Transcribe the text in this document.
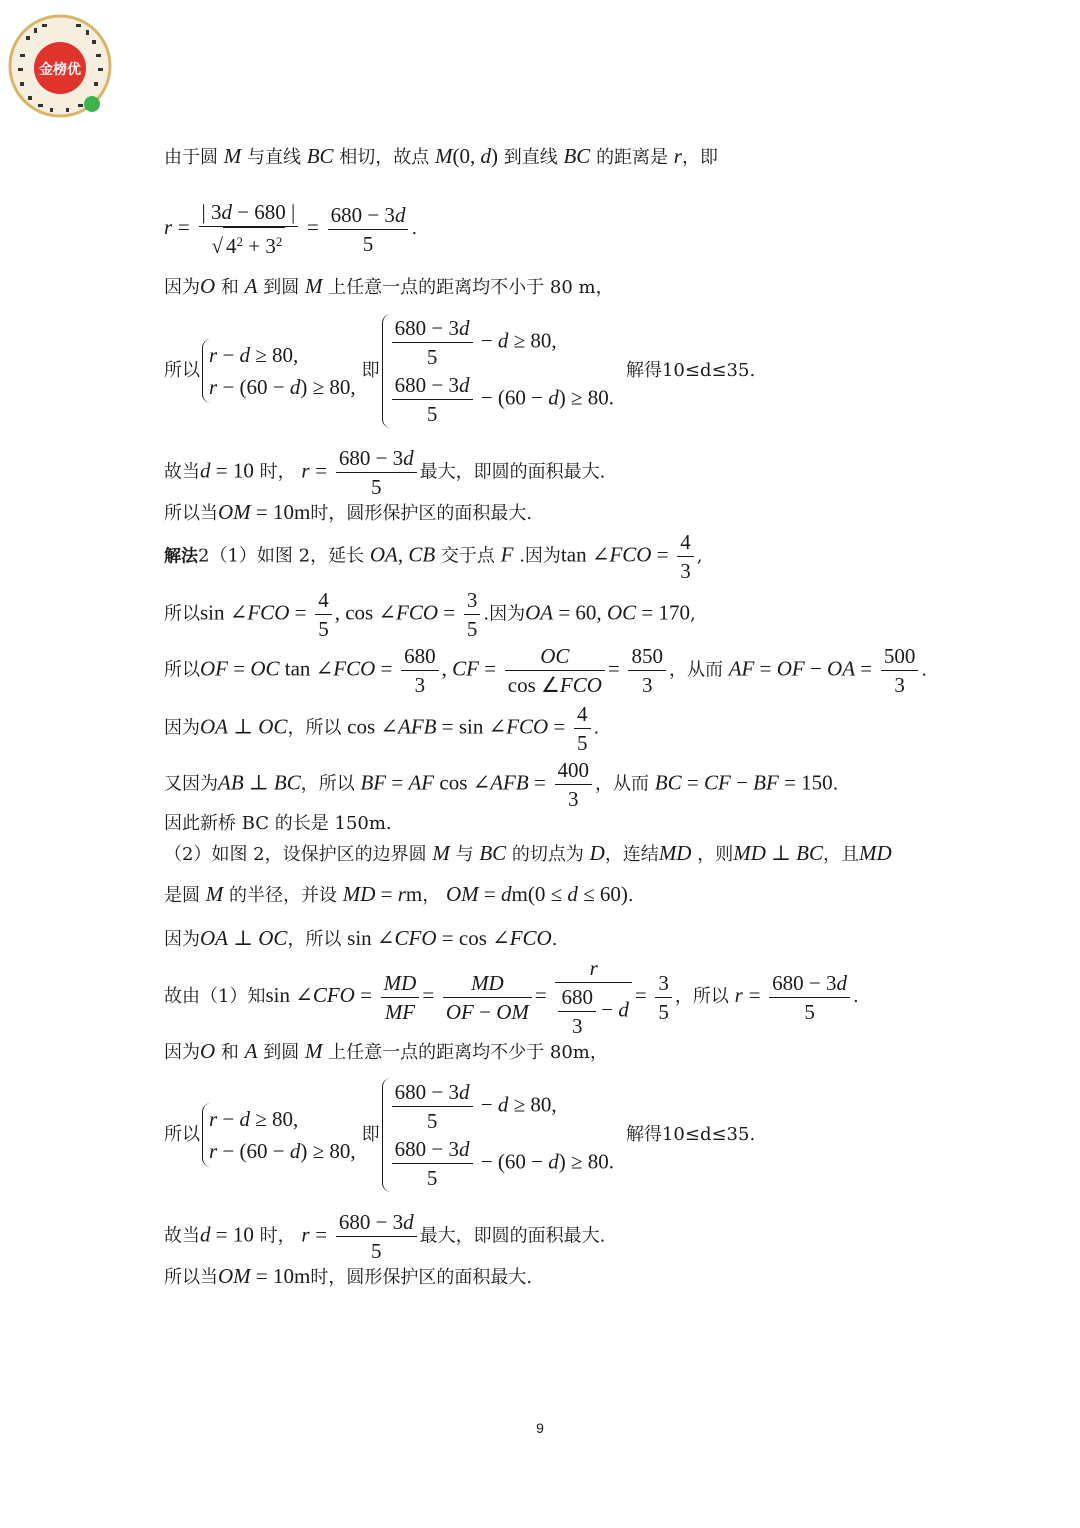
金榜优
由于圆 M 与直线 BC 相切，故点 M(0, d) 到直线 BC 的距离是 r，即
$r = \frac{| 3d - 680 |}{√ 4^2 + 3^2} = \frac{680 - 3d}{5}$ .
因为O 和 A 到圆 M 上任意一点的距离均不小于 80 m，
所以
r − d ≥ 80,
r − (60 − d) ≥ 80,
即 $\frac{680 - 3d}{5} - d \ge 80$,
$\frac{680 - 3d}{5} - (60 - d) \ge 80$.
解得10≤d≤35.
故当d = 10 时， $r = \frac{680 - 3d}{5}$ 最大，即圆的面积最大.
所以当OM = 10m时，圆形保护区的面积最大.
解法2（1）如图 2，延长 OA, CB 交于点 F .因为tan ∠FCO = $\frac{4}{3}$ ,
所以sin ∠FCO = $\frac{4}{5}$ , cos ∠FCO = $\frac{3}{5}$ .因为OA = 60, OC = 170,
所以OF = OC tan ∠FCO = $\frac{680}{3}$ , CF = $\frac{OC}{\text{cos ∠FCO}} = \frac{850}{3}$ ，从而 AF = OF − OA = $\frac{500}{3}$ .
因为OA ⊥ OC，所以 cos ∠AFB = sin ∠FCO = $\frac{4}{5}$ .
又因为AB ⊥ BC，所以 BF = AF cos ∠AFB = $\frac{400}{3}$ ，从而 BC = CF − BF = 150.
因此新桥 BC 的长是 150m.
（2）如图 2，设保护区的边界圆 M 与 BC 的切点为 D，连结MD ，则MD ⊥ BC，且MD
是圆 M 的半径，并设 MD = rm， OM = dm(0 ≤ d ≤ 60).
因为OA ⊥ OC，所以 sin ∠CFO = cos ∠FCO.
故由（1）知sin ∠CFO = $\frac{MD}{MF} = \frac{MD}{OF - OM} = \frac{r}{\frac{680}{3} - d} = \frac{3}{5}$ ，所以 $r = \frac{680 - 3d}{5}$ .
因为O 和 A 到圆 M 上任意一点的距离均不少于 80m，
所以
r − d ≥ 80,
r − (60 − d) ≥ 80,
即 $\frac{680 - 3d}{5} - d \ge 80$,
$\frac{680 - 3d}{5} - (60 - d) \ge 80$.
解得10≤d≤35.
故当d = 10 时， $r = \frac{680 - 3d}{5}$ 最大，即圆的面积最大.
所以当OM = 10m时，圆形保护区的面积最大.
9
